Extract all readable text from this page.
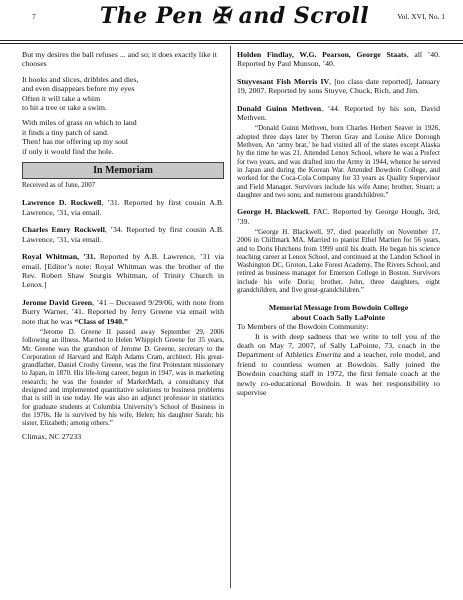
7	The Pen ✠ and Scroll	Vol. XVI, No. 1

But my desires the ball refuses ... and so; it does exactly like it chooses

It hooks and slices, dribbles and dies,
and even disappears before my eyes
Often it will take a whim
to hit a tree or take a swim.

With miles of grass on which to land
it finds a tiny patch of sand.
Then! has me offering up my soul
if only it would find the hole.

In Memoriam
Received as of June, 2007

Lawrence D. Rockwell, ’31. Reported by first cousin A.B. Lawrence, ’31, via email.

Charles Emry Rockwell, ’34. Reported by first cousin A.B. Lawrence, ’31, via email.

Royal Whitman, ’31. Reported by A.B. Lawrence, ’31 via email. [Editor’s note: Royal Whitman was the brother of the Rev. Robert Shaw Sturgis Whitman, of Trinity Church in Lenox.]

Jerome David Green, ’41 – Deceased 9/29/06, with note from Burry Warner, ’41. Reported by Jerry Greene via email with note that he was “Class of 1940.”

“Jerome D. Greene II passed away September 29, 2006 following an illness. Married to Helen Whippich Greene for 35 years, Mr. Greene was the grandson of Jerome D. Greene, secretary to the Corporation of Harvard and Ralph Adams Cram, architect. His great-grandfather, Daniel Crosby Greene, was the first Protestant missionary to Japan, in 1870. His life-long career, begun in 1947, was in marketing research; he was the founder of MarketMath, a consultancy that designed and implemented quantitative solutions to business problems that is still in use today. He was also an adjunct professor in statistics for graduate students at Columbia University’s School of Business in the 1970s. He is survived by his wife, Helen; his daughter Sarah; his sister, Elizabeth; among others.”

Climax, NC 27233

Holden Findlay, W.G. Pearson, George Staats, all ’40. Reported by Paul Munson, ’40.

Stuyvesant Fish Morris IV, [no class date reported], January 19, 2007. Reported by sons Stuyve, Chuck, Rich, and Jim.

Donald Guinn Methven, ’44. Reported by his son, David Methven.

“Donald Guinn Methven, born Charles Herbert Seaver in 1926, adopted three days later by Theron Gray and Louise Alice Dorough Methven. An ‘army brat,’ he had visited all of the states except Alaska by the time he was 21. Attended Lenox School, where he was a Prefect for two years, and was drafted into the Army in 1944, whence he served in Japan and during the Korean War. Attended Bowdoin College, and worked for the Coca-Cola Company for 33 years as Quality Supervisor and Field Manager. Survivors include his wife Anne; brother, Stuart; a daughter and two sons; and numerous grandchildren.”

George H. Blackwell, FAC. Reported by George Hough, 3rd, ’39.

“George H. Blackwell, 97, died peacefully on November 17, 2006 in Chillmark MA. Married to pianist Ethel Martien for 56 years, and to Doris Hutchens from 1999 until his death. He began his science teaching career at Lenox School, and continued at the Landon School in Washington DC, Groton, Lake Forest Academy, The Rivers School, and retired as business manager for Emerson College in Boston. Survivors include his wife Doris; brother, John, three daughters, eight grandchildren, and five great-grandchildren.”

Memorial Message from Bowdoin College

about Coach Sally LaPointe

To Members of the Bowdoin Community:

It is with deep sadness that we write to tell you of the death on May 7, 2007, of Sally LaPointe, 73, coach in the Department of Athletics Emerita and a teacher, role model, and friend to countless women at Bowdoin. Sally joined the Bowdoin coaching staff in 1972, the first female coach at the newly co-educational Bowdoin. It was her responsibility to supervise
